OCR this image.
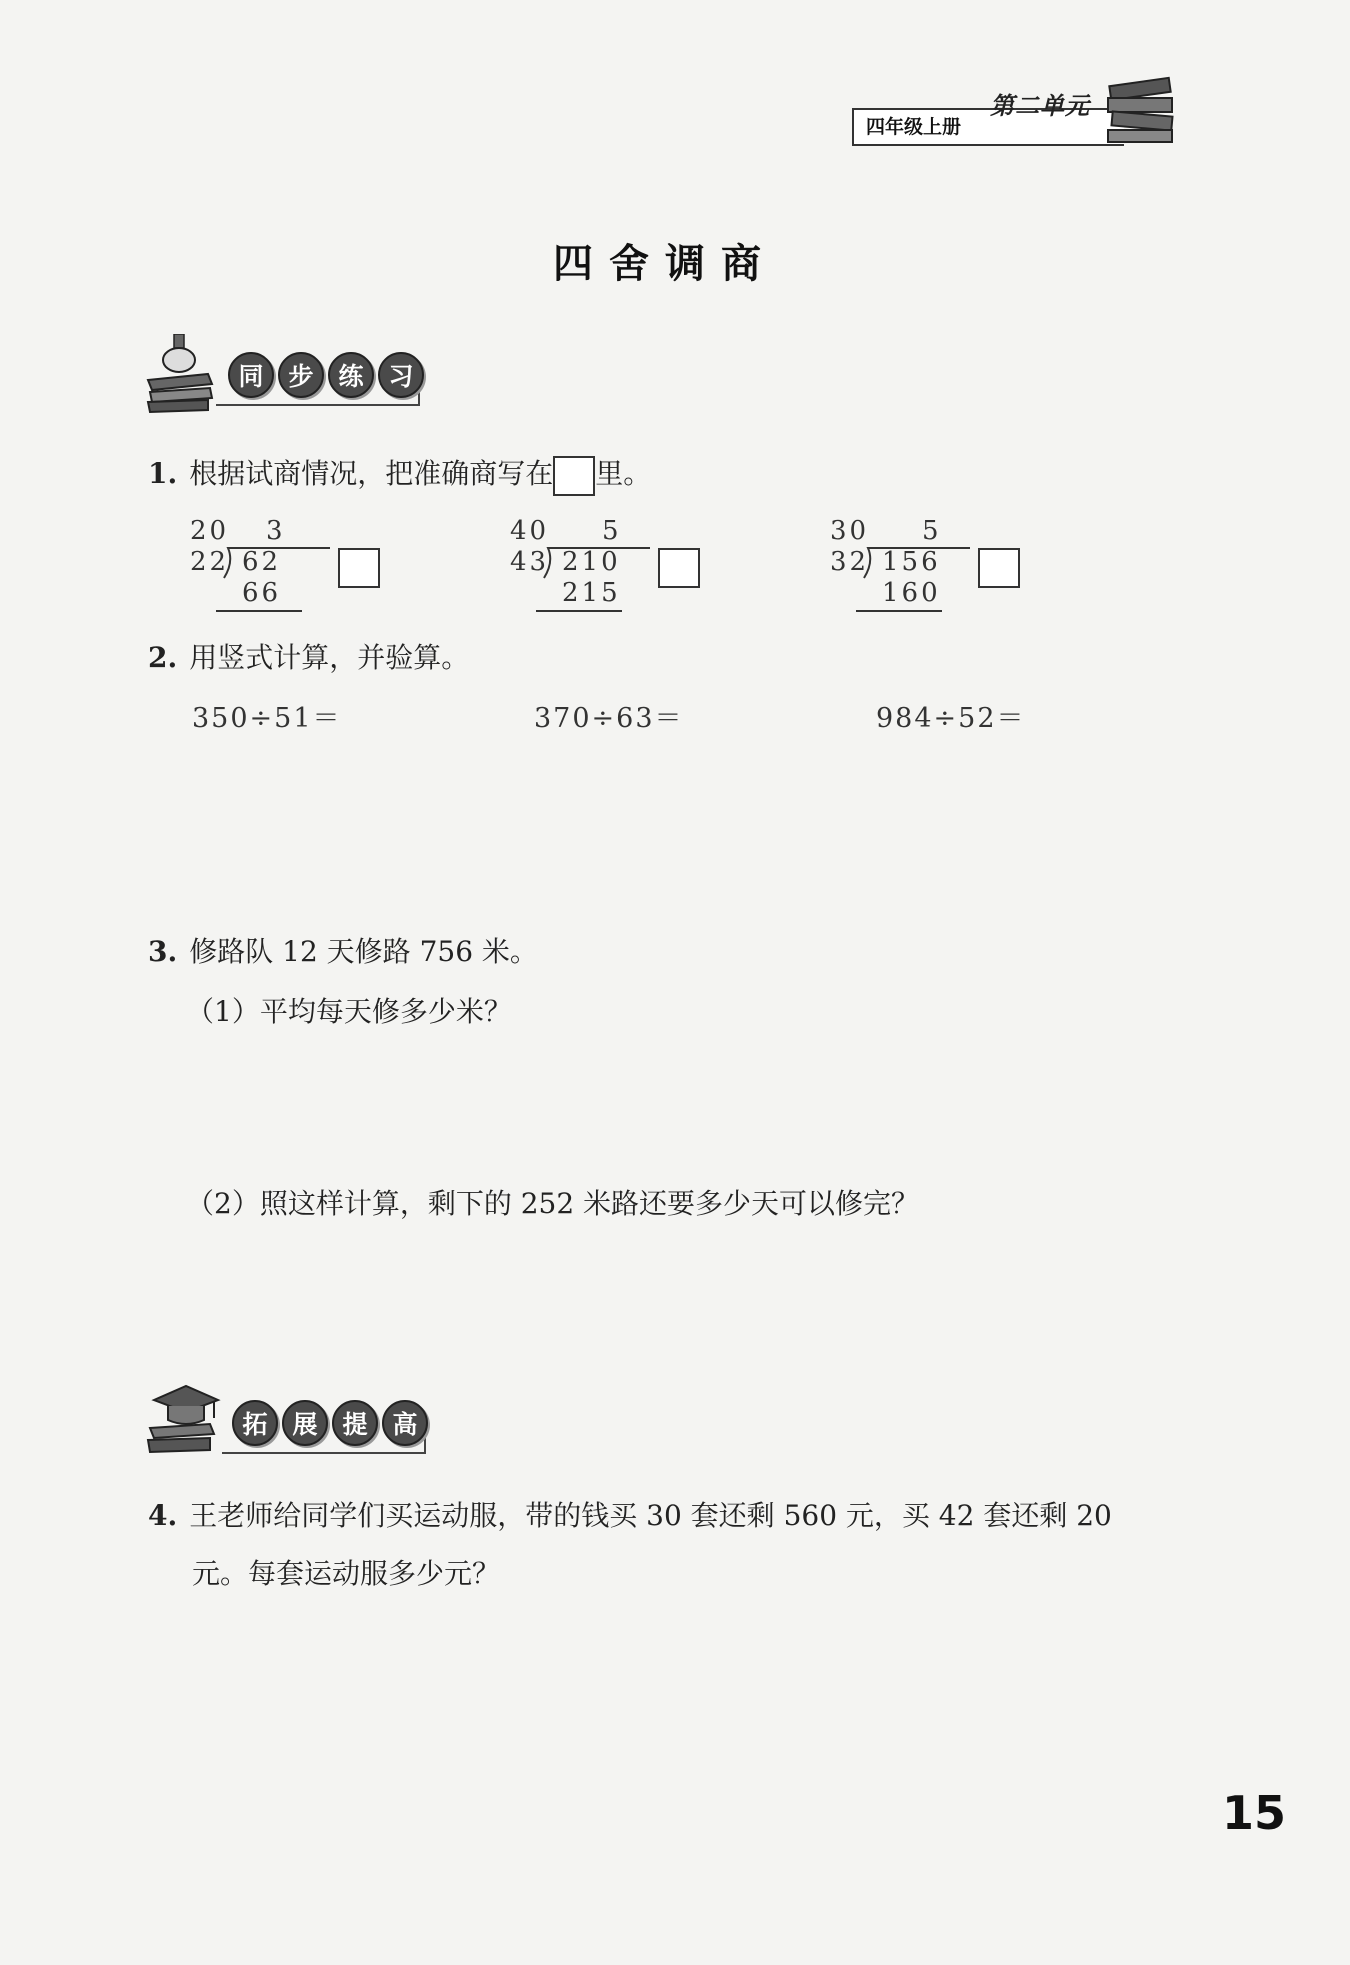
四年级上册
第二单元
四舍调商
同 步 练 习
1. 根据试商情况，把准确商写在 里。
20 3
22 62
66
40 5
43 210
215
30 5
32 156
160
2. 用竖式计算，并验算。
350÷51＝	370÷63＝	984÷52＝
3. 修路队 12 天修路 756 米。
（1）平均每天修多少米？
（2）照这样计算，剩下的 252 米路还要多少天可以修完？
拓 展 提 高
4. 王老师给同学们买运动服，带的钱买 30 套还剩 560 元，买 42 套还剩 20
元。每套运动服多少元？
15
